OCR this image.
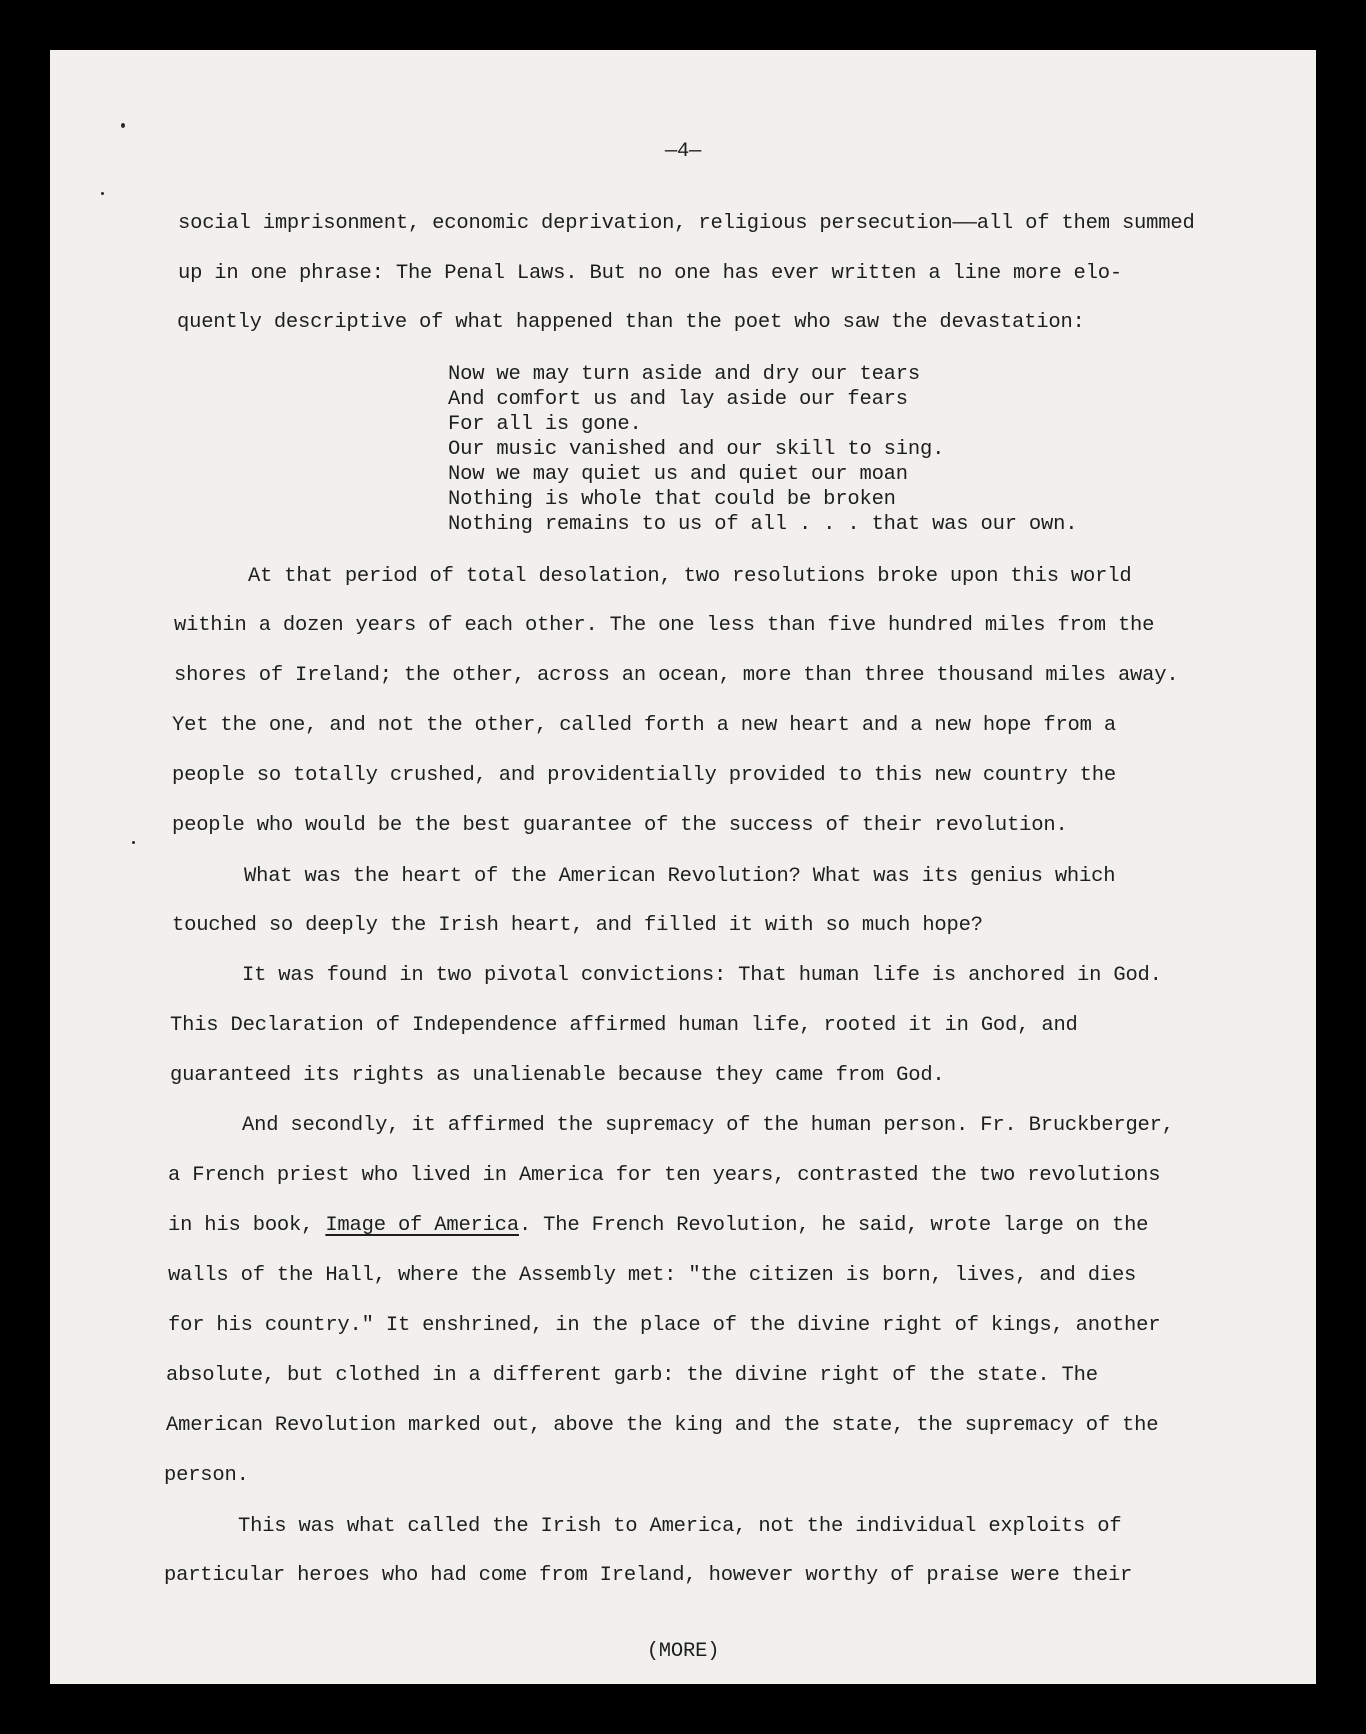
—4—
social imprisonment, economic deprivation, religious persecution——all of them summed
up in one phrase: The Penal Laws. But no one has ever written a line more elo-
quently descriptive of what happened than the poet who saw the devastation:
Now we may turn aside and dry our tears
And comfort us and lay aside our fears
For all is gone.
Our music vanished and our skill to sing.
Now we may quiet us and quiet our moan
Nothing is whole that could be broken
Nothing remains to us of all . . . that was our own.
At that period of total desolation, two resolutions broke upon this world
within a dozen years of each other. The one less than five hundred miles from the
shores of Ireland; the other, across an ocean, more than three thousand miles away.
Yet the one, and not the other, called forth a new heart and a new hope from a
people so totally crushed, and providentially provided to this new country the
people who would be the best guarantee of the success of their revolution.
What was the heart of the American Revolution? What was its genius which
touched so deeply the Irish heart, and filled it with so much hope?
It was found in two pivotal convictions: That human life is anchored in God.
This Declaration of Independence affirmed human life, rooted it in God, and
guaranteed its rights as unalienable because they came from God.
And secondly, it affirmed the supremacy of the human person. Fr. Bruckberger,
a French priest who lived in America for ten years, contrasted the two revolutions
in his book, Image of America. The French Revolution, he said, wrote large on the
walls of the Hall, where the Assembly met: "the citizen is born, lives, and dies
for his country." It enshrined, in the place of the divine right of kings, another
absolute, but clothed in a different garb: the divine right of the state. The
American Revolution marked out, above the king and the state, the supremacy of the
person.
This was what called the Irish to America, not the individual exploits of
particular heroes who had come from Ireland, however worthy of praise were their
(MORE)
